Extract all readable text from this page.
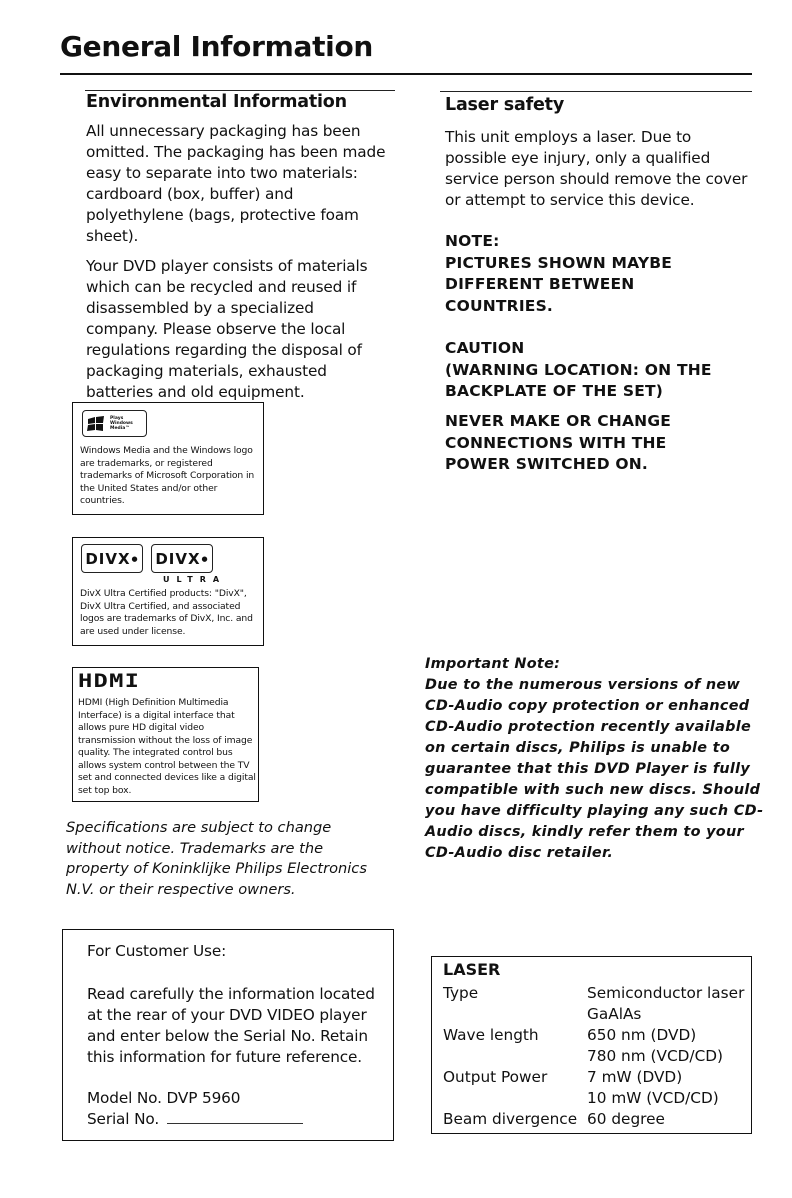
General Information
Environmental Information

All unnecessary packaging has been omitted. The packaging has been made easy to separate into two materials: cardboard (box, buffer) and polyethylene (bags, protective foam sheet).

Your DVD player consists of materials which can be recycled and reused if disassembled by a specialized company. Please observe the local regulations regarding the disposal of packaging materials, exhausted batteries and old equipment.

Plays
Windows
Media™
Windows Media and the Windows logo are trademarks, or registered trademarks of Microsoft Corporation in the United States and/or other countries.
DIVX ● DIVX ●
ULTRA
DivX Ultra Certified products: "DivX", DivX Ultra Certified, and associated logos are trademarks of DivX, Inc. and are used under license.
HDMI
HDMI (High Definition Multimedia Interface) is a digital interface that allows pure HD digital video transmission without the loss of image quality. The integrated control bus allows system control between the TV set and connected devices like a digital set top box.
Specifications are subject to change without notice. Trademarks are the property of Koninklijke Philips Electronics N.V. or their respective owners.
For Customer Use:
Read carefully the information located at the rear of your DVD VIDEO player and enter below the Serial No. Retain this information for future reference.
Model No. DVP 5960
Serial No.
Laser safety
This unit employs a laser. Due to possible eye injury, only a qualified service person should remove the cover or attempt to service this device.
NOTE:
PICTURES SHOWN MAYBE DIFFERENT BETWEEN COUNTRIES.
CAUTION
(WARNING LOCATION: ON THE BACKPLATE OF THE SET)
NEVER MAKE OR CHANGE CONNECTIONS WITH THE POWER SWITCHED ON.
Important Note:
Due to the numerous versions of new CD-Audio copy protection or enhanced CD-Audio protection recently available on certain discs, Philips is unable to guarantee that this DVD Player is fully compatible with such new discs. Should you have difficulty playing any such CD-Audio discs, kindly refer them to your CD-Audio disc retailer.
LASER
Type	Semiconductor laser
GaAlAs
Wave length	650 nm (DVD)
780 nm (VCD/CD)
Output Power	7 mW (DVD)
10 mW (VCD/CD)
Beam divergence 60 degree
